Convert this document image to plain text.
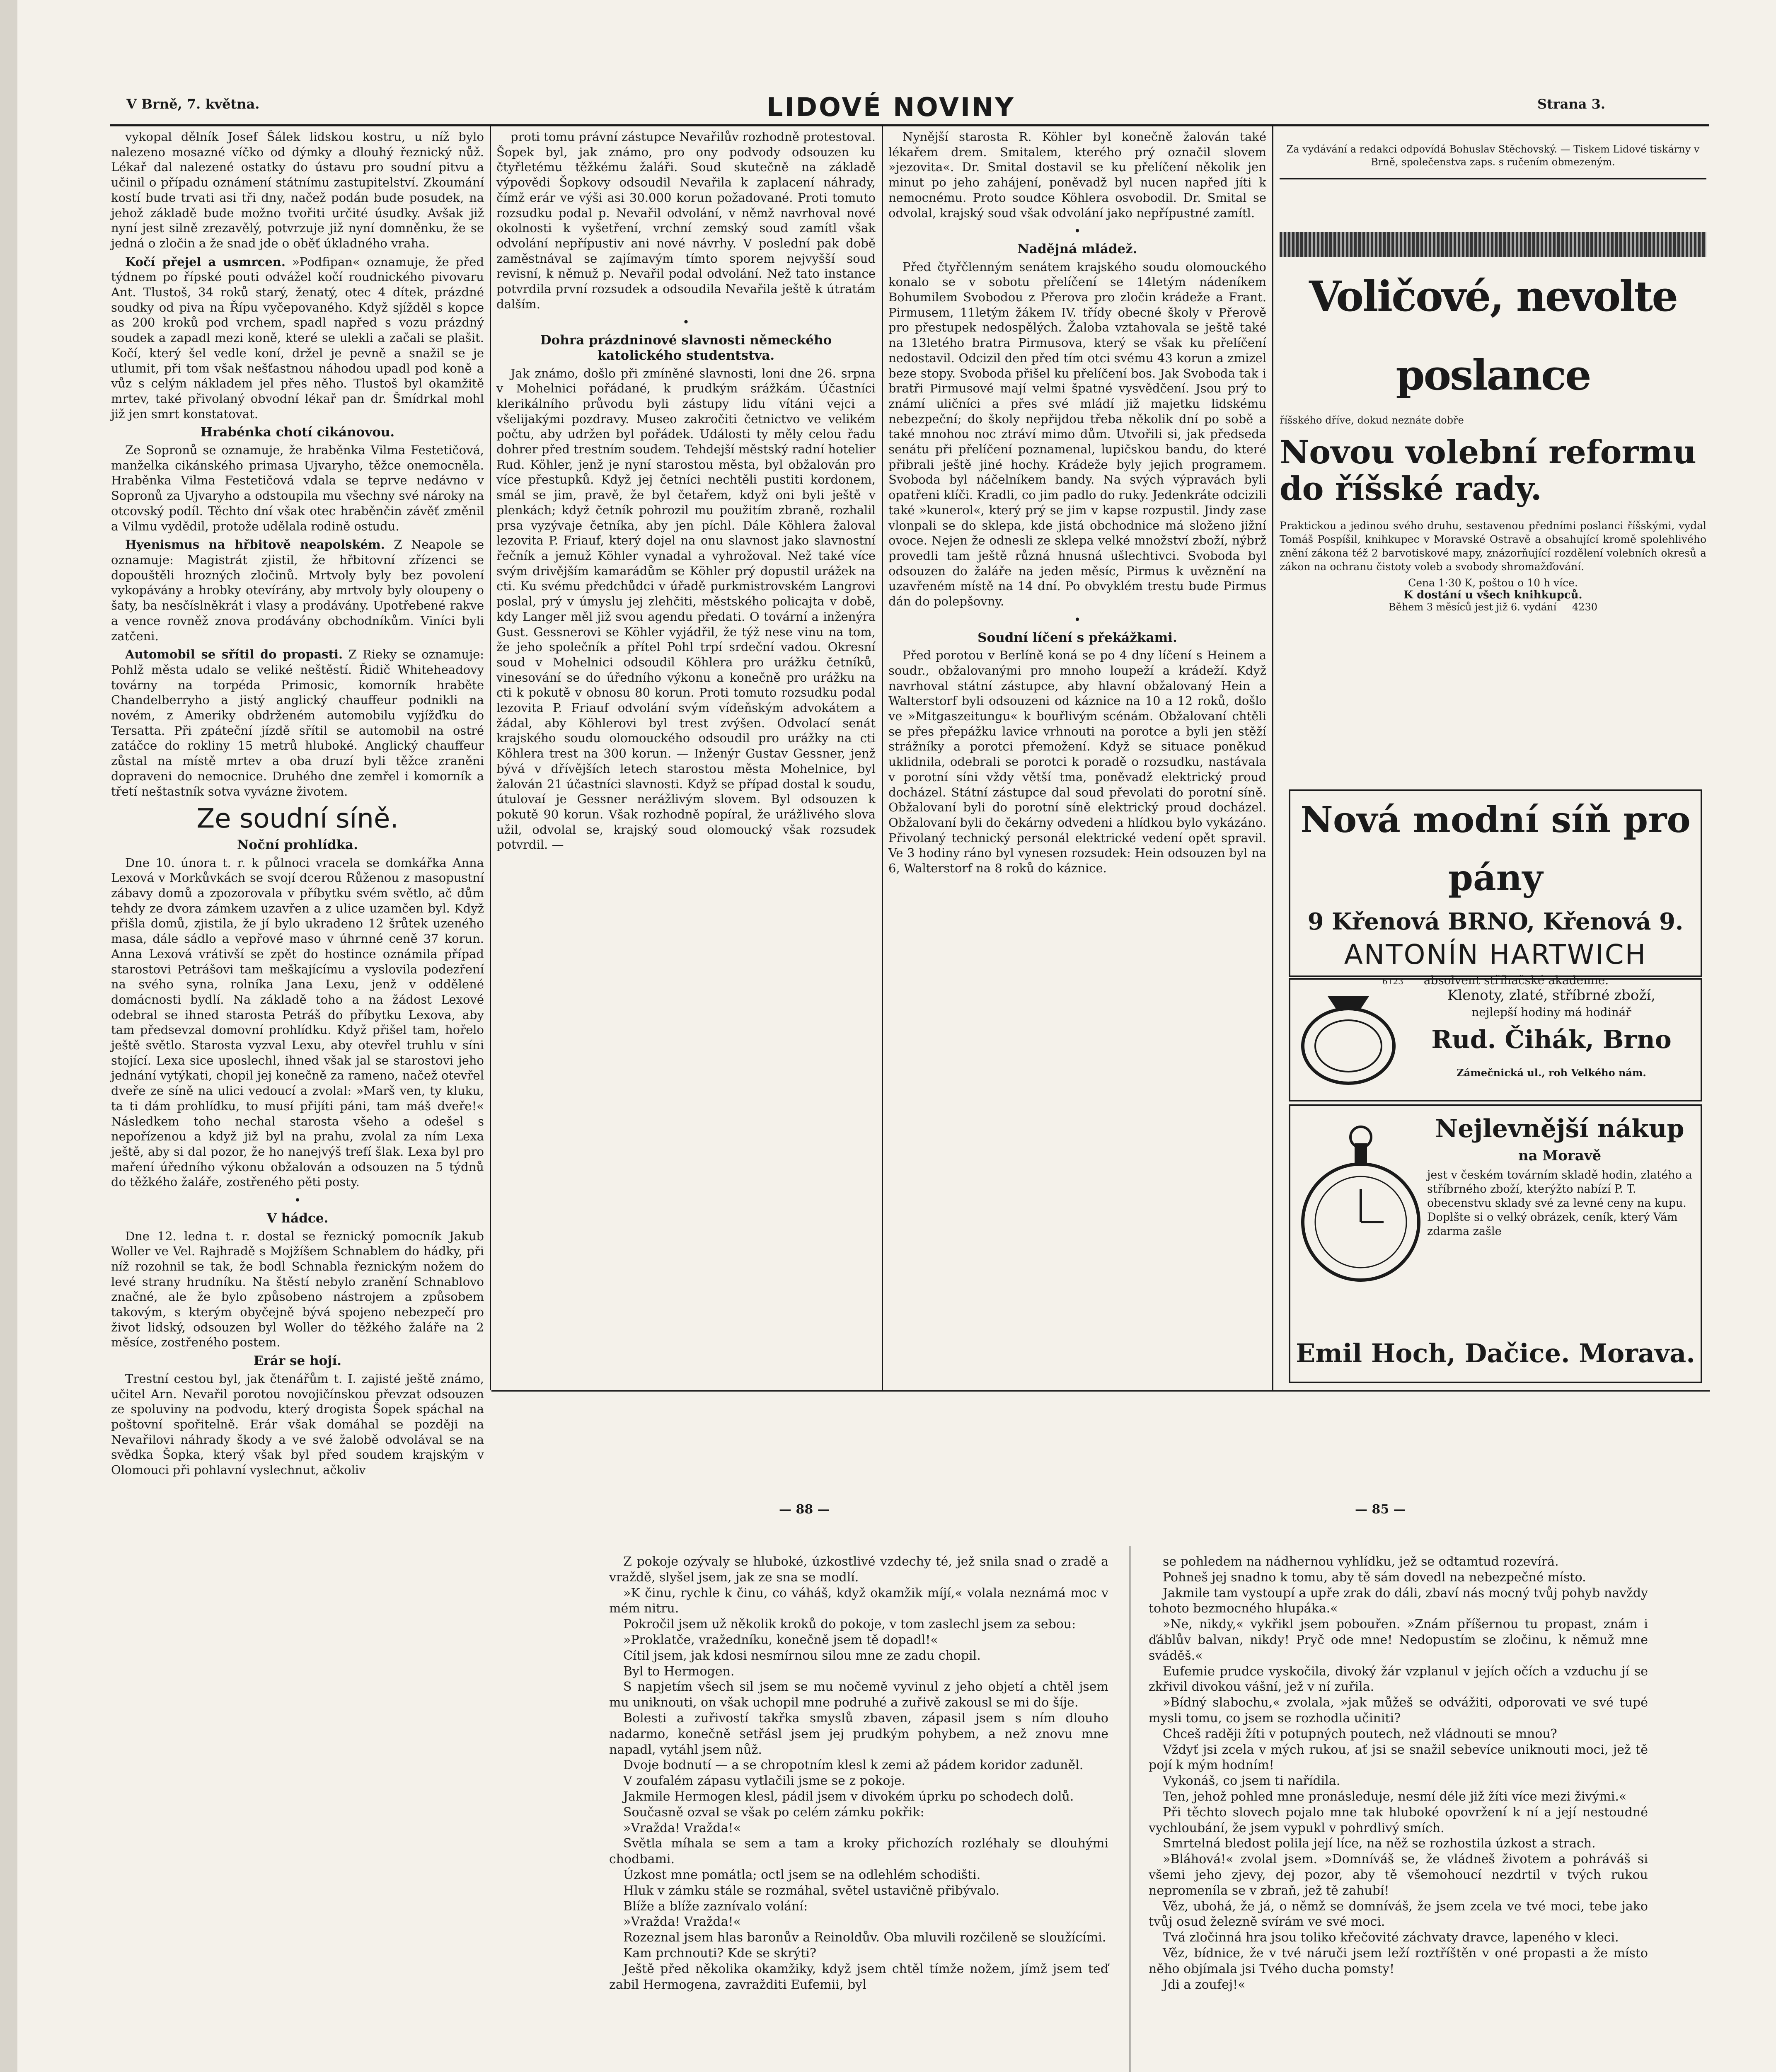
V Brně, 7. května.	LIDOVÉ NOVINY	Strana 3.

vykopal dělník Josef Šálek lidskou kostru, u níž bylo nalezeno mosazné víčko od dýmky a dlouhý řeznický nůž. Lékař dal nalezené ostatky do ústavu pro soudní pitvu a učinil o případu oznámení státnímu zastupitelství. Zkoumání kostí bude trvati asi tři dny, načež podán bude posudek, na jehož základě bude možno tvořiti určité úsudky. Avšak již nyní jest silně zrezavělý, potvrzuje již nyní domněnku, že se jedná o zločin a že snad jde o oběť úkladného vraha.

Kočí přejel a usmrcen. »Podfipan« oznamuje, že před týdnem po řípské pouti odvážel kočí roudnického pivovaru Ant. Tlustoš, 34 roků starý, ženatý, otec 4 dítek, prázdné soudky od piva na Řípu vyčepovaného. Když sjížděl s kopce as 200 kroků pod vrchem, spadl napřed s vozu prázdný soudek a zapadl mezi koně, které se ulekli a začali se plašit. Kočí, který šel vedle koní, držel je pevně a snažil se je utlumit, při tom však nešťastnou náhodou upadl pod koně a vůz s celým nákladem jel přes něho. Tlustoš byl okamžitě mrtev, také přivolaný obvodní lékař pan dr. Šmídrkal mohl již jen smrt konstatovat.

Hrabénka chotí cikánovou.

Ze Sopronů se oznamuje, že hraběnka Vilma Festetičová, manželka cikánského primasa Ujvaryho, těžce onemocněla. Hraběnka Vilma Festetičová vdala se teprve nedávno v Sopronů za Ujvaryho a odstoupila mu všechny své nároky na otcovský podíl. Těchto dní však otec hraběnčin závěť změnil a Vilmu vydědil, protože udělala rodině ostudu.

Hyenismus na hřbitově neapolském. Z Neapole se oznamuje: Magistrát zjistil, že hřbitovní zřízenci se dopouštěli hrozných zločinů. Mrtvoly byly bez povolení vykopávány a hrobky otevírány, aby mrtvoly byly oloupeny o šaty, ba nesčíslněkrát i vlasy a prodávány. Upotřebené rakve a vence rovněž znova prodávány obchodníkům. Viníci byli zatčeni.

Automobil se sřítil do propasti. Z Rieky se oznamuje: Pohlž města udalo se veliké neštěstí. Řidič Whiteheadovy továrny na torpéda Primosic, komorník hraběte Chandelberryho a jistý anglický chauffeur podnikli na novém, z Ameriky obdrženém automobilu vyjížďku do Tersatta. Při zpáteční jízdě sřítil se automobil na ostré zatáčce do rokliny 15 metrů hluboké. Anglický chauffeur zůstal na místě mrtev a oba druzí byli těžce zraněni dopraveni do nemocnice. Druhého dne zemřel i komorník a třetí neštastník sotva vyvázne životem.

Ze soudní síně.
Noční prohlídka.

Dne 10. února t. r. k půlnoci vracela se domkářka Anna Lexová v Morkůvkách se svojí dcerou Růženou z masopustní zábavy domů a zpozorovala v příbytku svém světlo, ač dům tehdy ze dvora zámkem uzavřen a z ulice uzamčen byl. Když přišla domů, zjistila, že jí bylo ukradeno 12 šrůtek uzeného masa, dále sádlo a vepřové maso v úhrnné ceně 37 korun. Anna Lexová vrátivší se zpět do hostince oznámila případ starostovi Petrášovi tam meškajícímu a vyslovila podezření na svého syna, rolníka Jana Lexu, jenž v oddělené domácnosti bydlí. Na základě toho a na žádost Lexové odebral se ihned starosta Petráš do příbytku Lexova, aby tam předsevzal domovní prohlídku. Když přišel tam, hořelo ještě světlo. Starosta vyzval Lexu, aby otevřel truhlu v síni stojící. Lexa sice uposlechl, ihned však jal se starostovi jeho jednání vytýkati, chopil jej konečně za rameno, načež otevřel dveře ze síně na ulici vedoucí a zvolal: »Marš ven, ty kluku, ta ti dám prohlídku, to musí přijíti páni, tam máš dveře!« Následkem toho nechal starosta všeho a odešel s nepořízenou a když již byl na prahu, zvolal za ním Lexa ještě, aby si dal pozor, že ho nanejvýš trefí šlak. Lexa byl pro maření úředního výkonu obžalován a odsouzen na 5 týdnů do těžkého žaláře, zostřeného pěti posty.

•
V hádce.

Dne 12. ledna t. r. dostal se řeznický pomocník Jakub Woller ve Vel. Rajhradě s Mojžíšem Schnablem do hádky, při níž rozohnil se tak, že bodl Schnabla řeznickým nožem do levé strany hrudníku. Na štěstí nebylo zranění Schnablovo značné, ale že bylo způsobeno nástrojem a způsobem takovým, s kterým obyčejně bývá spojeno nebezpečí pro život lidský, odsouzen byl Woller do těžkého žaláře na 2 měsíce, zostřeného postem.

Erár se hojí.

Trestní cestou byl, jak čtenářům t. I. zajisté ještě známo, učitel Arn. Nevařil porotou novojičínskou převzat odsouzen ze spoluviny na podvodu, který drogista Šopek spáchal na poštovní spořitelně. Erár však domáhal se později na Nevařilovi náhrady škody a ve své žalobě odvolával se na svědka Šopka, který však byl před soudem krajským v Olomouci při pohlavní vyslechnut, ačkoliv

proti tomu právní zástupce Nevařilův rozhodně protestoval. Šopek byl, jak známo, pro ony podvody odsouzen ku čtyřletému těžkému žaláři. Soud skutečně na základě výpovědi Šopkovy odsoudil Nevařila k zaplacení náhrady, čímž erár ve výši asi 30.000 korun požadované. Proti tomuto rozsudku podal p. Nevařil odvolání, v němž navrhoval nové okolnosti k vyšetření, vrchní zemský soud zamítl však odvolání nepřípustiv ani nové návrhy. V poslední pak době zaměstnával se zajímavým tímto sporem nejvyšší soud revisní, k němuž p. Nevařil podal odvolání. Než tato instance potvrdila první rozsudek a odsoudila Nevařila ještě k útratám dalším.

•
Dohra prázdninové slavnosti německého katolického studentstva.

Jak známo, došlo při zmíněné slavnosti, loni dne 26. srpna v Mohelnici pořádané, k prudkým srážkám. Účastníci klerikálního průvodu byli zástupy lidu vítáni vejci a všelijakými pozdravy. Museo zakročiti četnictvo ve velikém počtu, aby udržen byl pořádek. Události ty měly celou řadu dohrer před trestním soudem. Tehdejší městský radní hotelier Rud. Köhler, jenž je nyní starostou města, byl obžalován pro více přestupků. Když jej četníci nechtěli pustiti kordonem, smál se jim, pravě, že byl četařem, když oni byli ještě v plenkách; když četník pohrozil mu použitím zbraně, rozhalil prsa vyzývaje četníka, aby jen píchl. Dále Köhlera žaloval lezovita P. Friauf, který dojel na onu slavnost jako slavnostní řečník a jemuž Köhler vynadal a vyhrožoval. Než také více svým drivějším kamarádům se Köhler prý dopustil urážek na cti. Ku svému předchůdci v úřadě purkmistrovském Langrovi poslal, prý v úmyslu jej zlehčiti, městského policajta v době, kdy Langer měl již svou agendu předati. O tovární a inženýra Gust. Gessnerovi se Köhler vyjádřil, že týž nese vinu na tom, že jeho společník a přítel Pohl trpí srdeční vadou. Okresní soud v Mohelnici odsoudil Köhlera pro urážku četníků, vinesování se do úředního výkonu a konečně pro urážku na cti k pokutě v obnosu 80 korun. Proti tomuto rozsudku podal lezovita P. Friauf odvolání svým vídeňským advokátem a žádal, aby Köhlerovi byl trest zvýšen. Odvolací senát krajského soudu olomouckého odsoudil pro urážky na cti Köhlera trest na 300 korun. — Inženýr Gustav Gessner, jenž bývá v dřívějších letech starostou města Mohelnice, byl žalován 21 účastníci slavnosti. Když se případ dostal k soudu, útulovaí je Gessner nerážlivým slovem. Byl odsouzen k pokutě 90 korun. Však rozhodně popíral, že urážlivého slova užil, odvolal se, krajský soud olomoucký však rozsudek potvrdil. —

Nynější starosta R. Köhler byl konečně žalován také lékařem drem. Smitalem, kterého prý označil slovem »jezovita«. Dr. Smital dostavil se ku přelíčení několik jen minut po jeho zahájení, poněvadž byl nucen napřed jíti k nemocnému. Proto soudce Köhlera osvobodil. Dr. Smital se odvolal, krajský soud však odvolání jako nepřípustné zamítl.

•
Nadějná mládež.

Před čtyřčlenným senátem krajského soudu olomouckého konalo se v sobotu přelíčení se 14letým nádeníkem Bohumilem Svobodou z Přerova pro zločin krádeže a Frant. Pirmusem, 11letým žákem IV. třídy obecné školy v Přerově pro přestupek nedospělých. Žaloba vztahovala se ještě také na 13letého bratra Pirmusova, který se však ku přelíčení nedostavil. Odcizil den před tím otci svému 43 korun a zmizel beze stopy. Svoboda přišel ku přelíčení bos. Jak Svoboda tak i bratři Pirmusové mají velmi špatné vysvědčení. Jsou prý to známí uličníci a přes své mládí již majetku lidskému nebezpeční; do školy nepřijdou třeba několik dní po sobě a také mnohou noc ztráví mimo dům. Utvořili si, jak předseda senátu při přelíčení poznamenal, lupičskou bandu, do které přibrali ještě jiné hochy. Krádeže byly jejich programem. Svoboda byl náčelníkem bandy. Na svých výpravách byli opatřeni klíči. Kradli, co jim padlo do ruky. Jedenkráte odcizili také »kunerol«, který prý se jim v kapse rozpustil. Jindy zase vlonpali se do sklepa, kde jistá obchodnice má složeno jižní ovoce. Nejen že odnesli ze sklepa velké množství zboží, nýbrž provedli tam ještě různá hnusná ušlechtivci. Svoboda byl odsouzen do žaláře na jeden měsíc, Pirmus k uvěznění na uzavřeném místě na 14 dní. Po obvyklém trestu bude Pirmus dán do polepšovny.

•
Soudní líčení s překážkami.

Před porotou v Berlíně koná se po 4 dny líčení s Heinem a soudr., obžalovanými pro mnoho loupeží a krádeží. Když navrhoval státní zástupce, aby hlavní obžalovaný Hein a Walterstorf byli odsouzeni od káznice na 10 a 12 roků, došlo ve »Mitgaszeitungu« k bouřlivým scénám. Obžalovaní chtěli se přes přepážku lavice vrhnouti na porotce a byli jen stěží strážníky a porotci přemožení. Když se situace poněkud uklidnila, odebrali se porotci k poradě o rozsudku, nastávala v porotní síni vždy větší tma, poněvadž elektrický proud docházel. Státní zástupce dal soud převolati do porotní síně. Obžalovaní byli do porotní síně elektrický proud docházel. Obžalovaní byli do čekárny odvedeni a hlídkou bylo vykázáno. Přivolaný technický personál elektrické vedení opět spravil. Ve 3 hodiny ráno byl vynesen rozsudek: Hein odsouzen byl na 6, Walterstorf na 8 roků do káznice.

Za vydávání a redakci odpovídá Bohuslav Stěchovský. — Tiskem Lidové tiskárny v Brně, společenstva zaps. s ručením obmezeným.
Voličové, nevolte poslance
říšského dříve, dokud neznáte dobře
Novou volební reformu
do říšské rady.
Praktickou a jedinou svého druhu, sestavenou předními poslanci říšskými, vydal Tomáš Pospíšil, knihkupec v Moravské Ostravě a obsahující kromě spolehlivého znění zákona též 2 barvotiskové mapy, znázorňující rozdělení volebních okresů a zákon na ochranu čistoty voleb a svobody shromažďování.
Cena 1·30 K, poštou o 10 h více.
K dostání u všech knihkupců.
Během 3 měsíců jest již 6. vydání 4230
Nová modní síň pro pány
9 Křenová BRNO, Křenová 9.
ANTONÍN HARTWICH
6123 absolvent stříhačské akademie.
Klenoty, zlaté, stříbrné zboží,
nejlepší hodiny má hodinář
Rud. Čihák, Brno
Zámečnická ul., roh Velkého nám.
Nejlevnější nákup
na Moravě
jest v českém továrním skladě hodin, zlatého a stříbrného zboží, kterýžto nabízí P. T. obecenstvu sklady své za levné ceny na kupu. Doplšte si o velký obrázek, ceník, který Vám zdarma zašle
Emil Hoch, Dačice. Morava.
— 88 —	— 85 —

Z pokoje ozývaly se hluboké, úzkostlivé vzdechy té, jež snila snad o zradě a vraždě, slyšel jsem, jak ze sna se modlí.

»K činu, rychle k činu, co váháš, když okamžik míjí,« volala neznámá moc v mém nitru.

Pokročil jsem už několik kroků do pokoje, v tom zaslechl jsem za sebou:

»Proklatče, vražedníku, konečně jsem tě dopadl!«

Cítil jsem, jak kdosi nesmírnou silou mne ze zadu chopil.

Byl to Hermogen.

S napjetím všech sil jsem se mu nočemě vyvinul z jeho objetí a chtěl jsem mu uniknouti, on však uchopil mne podruhé a zuřivě zakousl se mi do šíje.

Bolesti a zuřivostí takřka smyslů zbaven, zápasil jsem s ním dlouho nadarmo, konečně setřásl jsem jej prudkým pohybem, a než znovu mne napadl, vytáhl jsem nůž.

Dvoje bodnutí — a se chropotním klesl k zemi až pádem koridor zaduněl.

V zoufalém zápasu vytlačili jsme se z pokoje.

Jakmile Hermogen klesl, pádil jsem v divokém úprku po schodech dolů.

Současně ozval se však po celém zámku pokřik:

»Vražda! Vražda!«

Světla míhala se sem a tam a kroky přichozích rozléhaly se dlouhými chodbami.

Úzkost mne pomátla; octl jsem se na odlehlém schodišti.

Hluk v zámku stále se rozmáhal, světel ustavičně přibývalo.

Blíže a blíže zaznívalo volání:

»Vražda! Vražda!«

Rozeznal jsem hlas baronův a Reinoldův. Oba mluvili rozčileně se sloužícími.

Kam prchnouti? Kde se skrýti?

Ještě před několika okamžiky, když jsem chtěl tímže nožem, jímž jsem teď zabil Hermogena, zavražditi Eufemii, byl

se pohledem na nádhernou vyhlídku, jež se odtamtud rozevírá.

Pohneš jej snadno k tomu, aby tě sám dovedl na nebezpečné místo.

Jakmile tam vystoupí a upře zrak do dáli, zbaví nás mocný tvůj pohyb navždy tohoto bezmocného hlupáka.«

»Ne, nikdy,« vykřikl jsem pobouřen. »Znám příšernou tu propast, znám i ďáblův balvan, nikdy! Pryč ode mne! Nedopustím se zločinu, k němuž mne sváděš.«

Eufemie prudce vyskočila, divoký žár vzplanul v jejích očích a vzduchu jí se zkřivil divokou vášní, jež v ní zuřila.

»Bídný slabochu,« zvolala, »jak můžeš se odvážiti, odporovati ve své tupé mysli tomu, co jsem se rozhodla učiniti?

Chceš raději žíti v potupných poutech, než vládnouti se mnou?

Vždyť jsi zcela v mých rukou, ať jsi se snažil sebevíce uniknouti moci, jež tě pojí k mým hodním!

Vykonáš, co jsem ti nařídila.

Ten, jehož pohled mne pronásleduje, nesmí déle již žíti více mezi živými.«

Při těchto slovech pojalo mne tak hluboké opovržení k ní a její nestoudné vychloubání, že jsem vypukl v pohrdlivý smích.

Smrtelná bledost polila její líce, na něž se rozhostila úzkost a strach.

»Bláhová!« zvolal jsem. »Domníváš se, že vládneš životem a pohráváš si všemi jeho zjevy, dej pozor, aby tě všemohoucí nezdrtil v tvých rukou nepromeníla se v zbraň, jež tě zahubí!

Věz, ubohá, že já, o němž se domníváš, že jsem zcela ve tvé moci, tebe jako tvůj osud železně svírám ve své moci.

Tvá zločinná hra jsou toliko křečovité záchvaty dravce, lapeného v kleci.

Věz, bídnice, že v tvé náruči jsem leží roztříštěn v oné propasti a že místo něho objímala jsi Tvého ducha pomsty!

Jdi a zoufej!«
